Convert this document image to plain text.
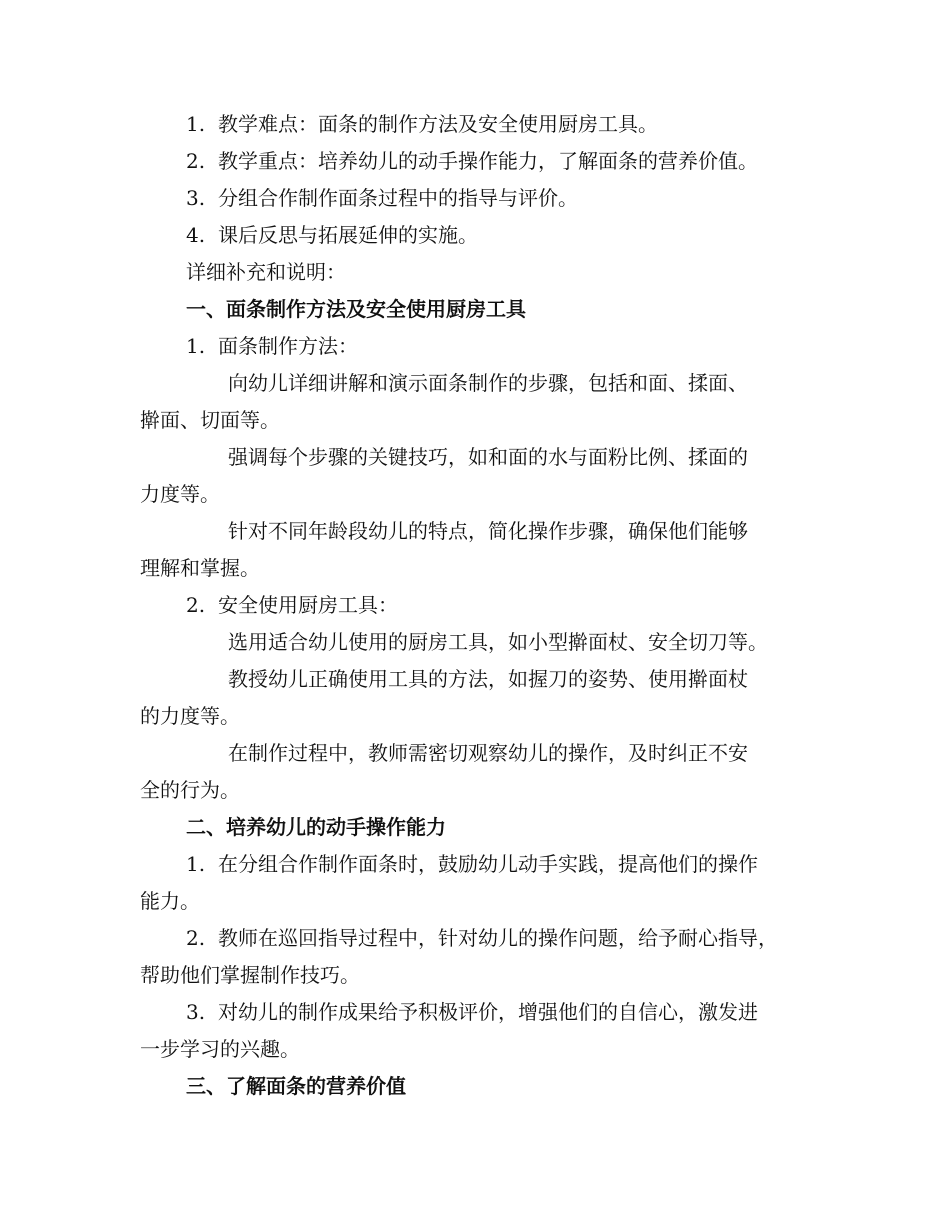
1. 教学难点：面条的制作方法及安全使用厨房工具。
2. 教学重点：培养幼儿的动手操作能力，了解面条的营养价值。
3. 分组合作制作面条过程中的指导与评价。
4. 课后反思与拓展延伸的实施。
详细补充和说明：
一、面条制作方法及安全使用厨房工具
1. 面条制作方法：
向幼儿详细讲解和演示面条制作的步骤，包括和面、揉面、
擀面、切面等。
强调每个步骤的关键技巧，如和面的水与面粉比例、揉面的
力度等。
针对不同年龄段幼儿的特点，简化操作步骤，确保他们能够
理解和掌握。
2. 安全使用厨房工具：
选用适合幼儿使用的厨房工具，如小型擀面杖、安全切刀等。
教授幼儿正确使用工具的方法，如握刀的姿势、使用擀面杖
的力度等。
在制作过程中，教师需密切观察幼儿的操作，及时纠正不安
全的行为。
二、培养幼儿的动手操作能力
1. 在分组合作制作面条时，鼓励幼儿动手实践，提高他们的操作
能力。
2. 教师在巡回指导过程中，针对幼儿的操作问题，给予耐心指导，
帮助他们掌握制作技巧。
3. 对幼儿的制作成果给予积极评价，增强他们的自信心，激发进
一步学习的兴趣。
三、了解面条的营养价值
